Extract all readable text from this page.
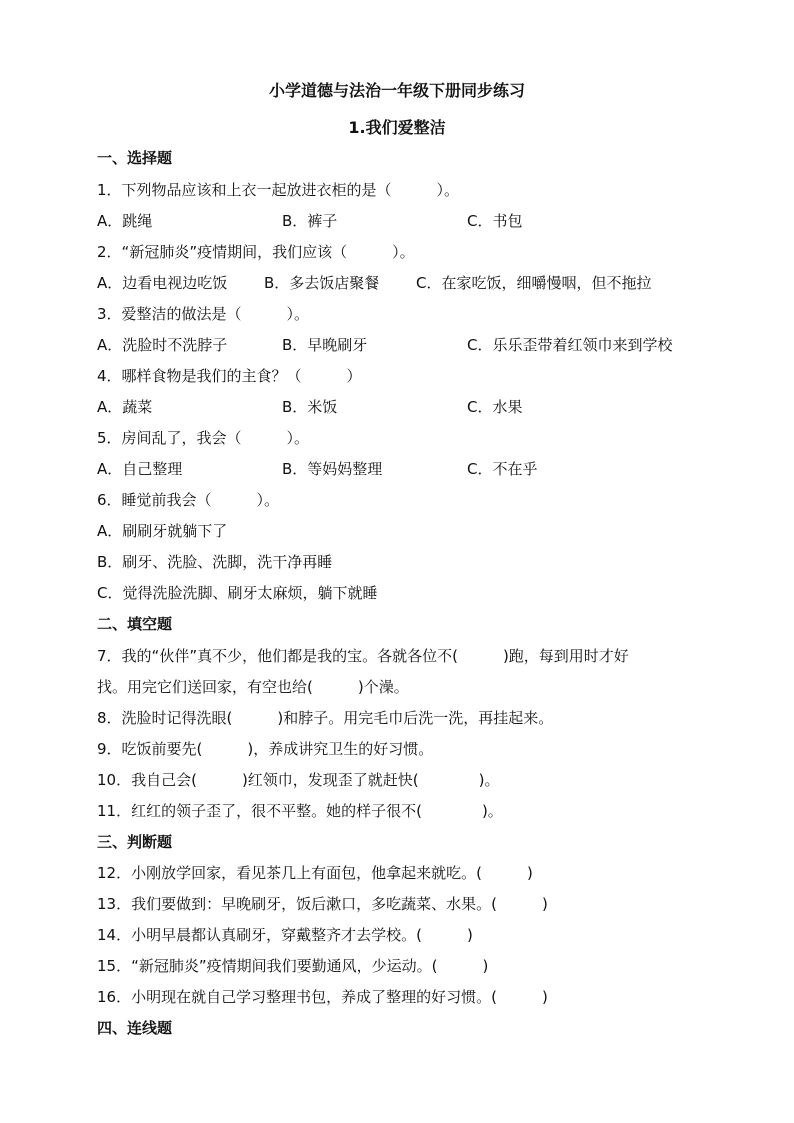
小学道德与法治一年级下册同步练习
1.我们爱整洁
一、选择题
1．下列物品应该和上衣一起放进衣柜的是（　　　）。
A．跳绳	B．裤子	C．书包
2．“新冠肺炎”疫情期间，我们应该（　　　）。
A．边看电视边吃饭 B．多去饭店聚餐 C．在家吃饭，细嚼慢咽，但不拖拉
3．爱整洁的做法是（　　　）。
A．洗脸时不洗脖子	B．早晚刷牙	C．乐乐歪带着红领巾来到学校
4．哪样食物是我们的主食？（　　　）
A．蔬菜	B．米饭	C．水果
5．房间乱了，我会（　　　）。
A．自己整理	B．等妈妈整理	C．不在乎
6．睡觉前我会（　　　）。
A．刷刷牙就躺下了
B．刷牙、洗脸、洗脚，洗干净再睡
C．觉得洗脸洗脚、刷牙太麻烦，躺下就睡
二、填空题
7．我的“伙伴”真不少，他们都是我的宝。各就各位不(　　　)跑，每到用时才好
找。用完它们送回家，有空也给(　　　)个澡。
8．洗脸时记得洗眼(　　　)和脖子。用完毛巾后洗一洗，再挂起来。
9．吃饭前要先(　　　)，养成讲究卫生的好习惯。
10．我自己会(　　　)红领巾，发现歪了就赶快(　　　　)。
11．红红的领子歪了，很不平整。她的样子很不(　　　　)。
三、判断题
12．小刚放学回家，看见茶几上有面包，他拿起来就吃。(　　　)
13．我们要做到：早晚刷牙，饭后漱口，多吃蔬菜、水果。(　　　)
14．小明早晨都认真刷牙，穿戴整齐才去学校。(　　　)
15．“新冠肺炎”疫情期间我们要勤通风，少运动。(　　　)
16．小明现在就自己学习整理书包，养成了整理的好习惯。(　　　)
四、连线题
